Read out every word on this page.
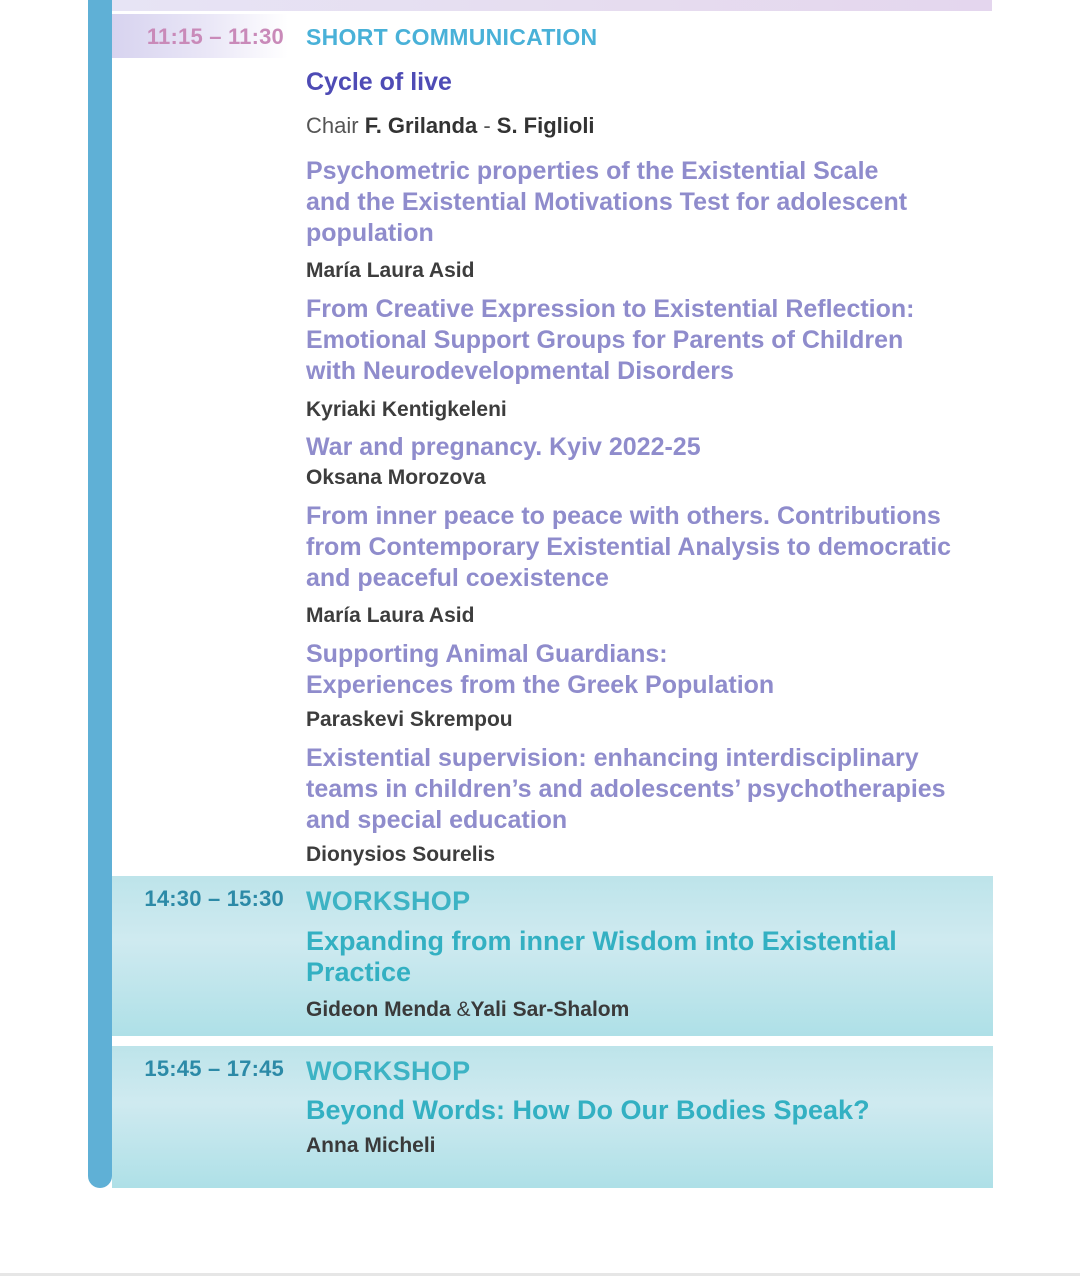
11:15 – 11:30 SHORT COMMUNICATION
Cycle of live
Chair F. Grilanda - S. Figlioli
Psychometric properties of the Existential Scale
and the Existential Motivations Test for adolescent
population
María Laura Asid
From Creative Expression to Existential Reflection:
Emotional Support Groups for Parents of Children
with Neurodevelopmental Disorders
Kyriaki Kentigkeleni
War and pregnancy. Kyiv 2022-25
Oksana Morozova
From inner peace to peace with others. Contributions
from Contemporary Existential Analysis to democratic
and peaceful coexistence
María Laura Asid
Supporting Animal Guardians:
Experiences from the Greek Population
Paraskevi Skrempou
Existential supervision: enhancing interdisciplinary
teams in children’s and adolescents’ psychotherapies
and special education
Dionysios Sourelis
14:30 – 15:30 WORKSHOP
Expanding from inner Wisdom into Existential
Practice
Gideon Menda &Yali Sar-Shalom
15:45 – 17:45 WORKSHOP
Beyond Words: How Do Our Bodies Speak?
Anna Micheli
